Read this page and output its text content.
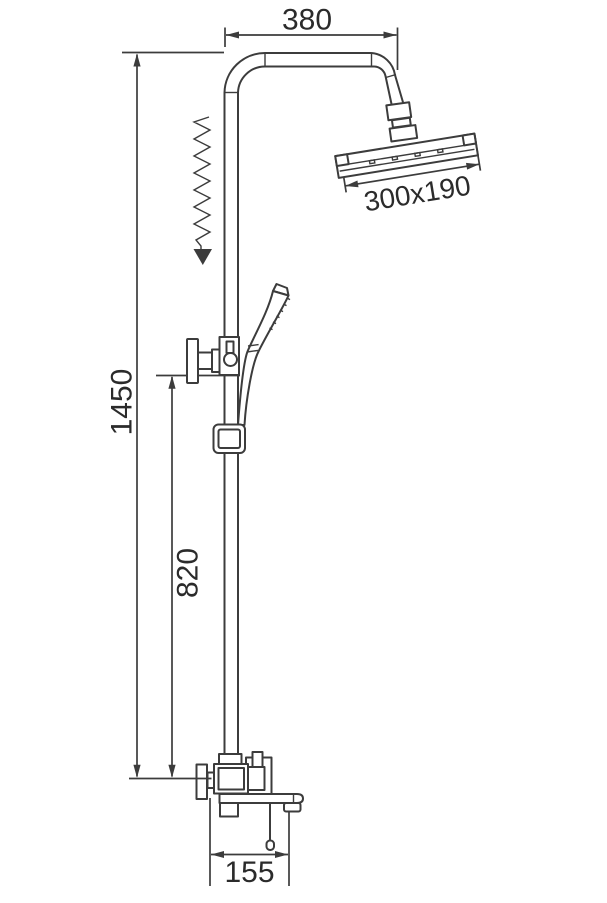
300x190
380
1450
820
155
